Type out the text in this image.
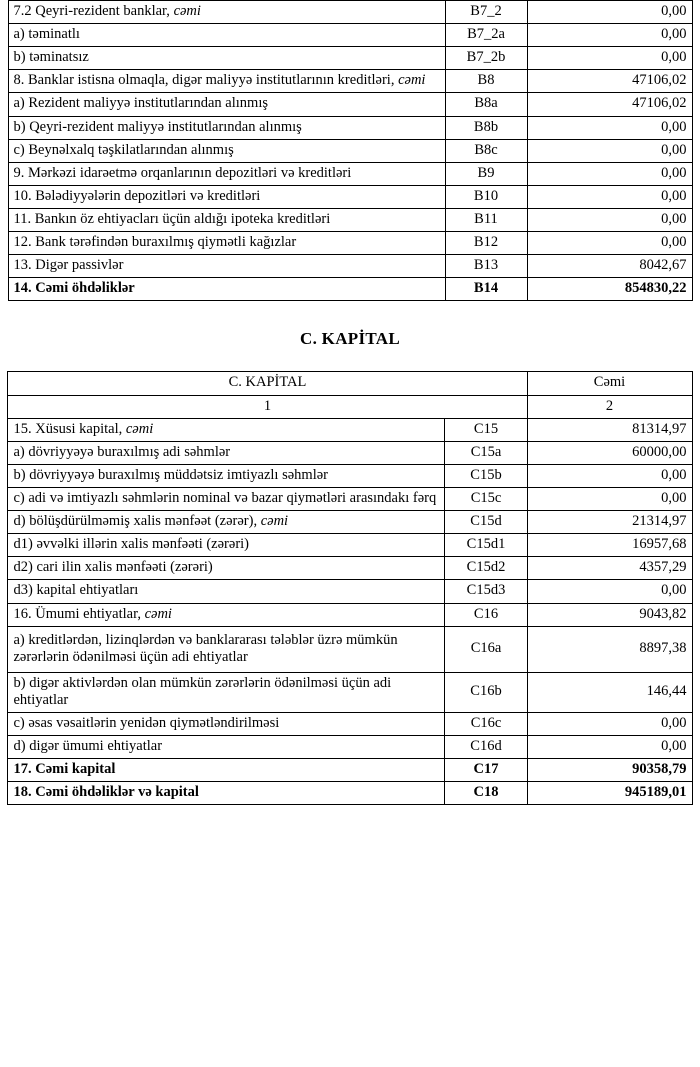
7.2 Qeyri-rezident banklar, cəmi	B7_2	0,00
a) təminatlı	B7_2a	0,00
b) təminatsız	B7_2b	0,00
8. Banklar istisna olmaqla, digər maliyyə institutlarının kreditləri, cəmi	B8	47106,02
a) Rezident maliyyə institutlarından alınmış	B8a	47106,02
b) Qeyri-rezident maliyyə institutlarından alınmış	B8b	0,00
c) Beynəlxalq təşkilatlarından alınmış	B8c	0,00
9. Mərkəzi idarəetmə orqanlarının depozitləri və kreditləri	B9	0,00
10. Bələdiyyələrin depozitləri və kreditləri	B10	0,00
11. Bankın öz ehtiyacları üçün aldığı ipoteka kreditləri	B11	0,00
12. Bank tərəfindən buraxılmış qiymətli kağızlar	B12	0,00
13. Digər passivlər	B13	8042,67
14. Cəmi öhdəliklər	B14	854830,22
C. KAPİTAL
C. KAPİTAL		Cəmi
1		2
15. Xüsusi kapital, cəmi	C15	81314,97
a) dövriyyəyə buraxılmış adi səhmlər	C15a	60000,00
b) dövriyyəyə buraxılmış müddətsiz imtiyazlı səhmlər	C15b	0,00
c) adi və imtiyazlı səhmlərin nominal və bazar qiymətləri arasındakı fərq	C15c	0,00
d) bölüşdürülməmiş xalis mənfəət (zərər), cəmi	C15d	21314,97
d1) əvvəlki illərin xalis mənfəəti (zərəri)	C15d1	16957,68
d2) cari ilin xalis mənfəəti (zərəri)	C15d2	4357,29
d3) kapital ehtiyatları	C15d3	0,00
16. Ümumi ehtiyatlar, cəmi	C16	9043,82
a) kreditlərdən, lizinqlərdən və banklararası tələblər üzrə mümkün zərərlərin ödənilməsi üçün adi ehtiyatlar	C16a	8897,38
b) digər aktivlərdən olan mümkün zərərlərin ödənilməsi üçün adi ehtiyatlar	C16b	146,44
c) əsas vəsaitlərin yenidən qiymətləndirilməsi	C16c	0,00
d) digər ümumi ehtiyatlar	C16d	0,00
17. Cəmi kapital	C17	90358,79
18. Cəmi öhdəliklər və kapital	C18	945189,01
